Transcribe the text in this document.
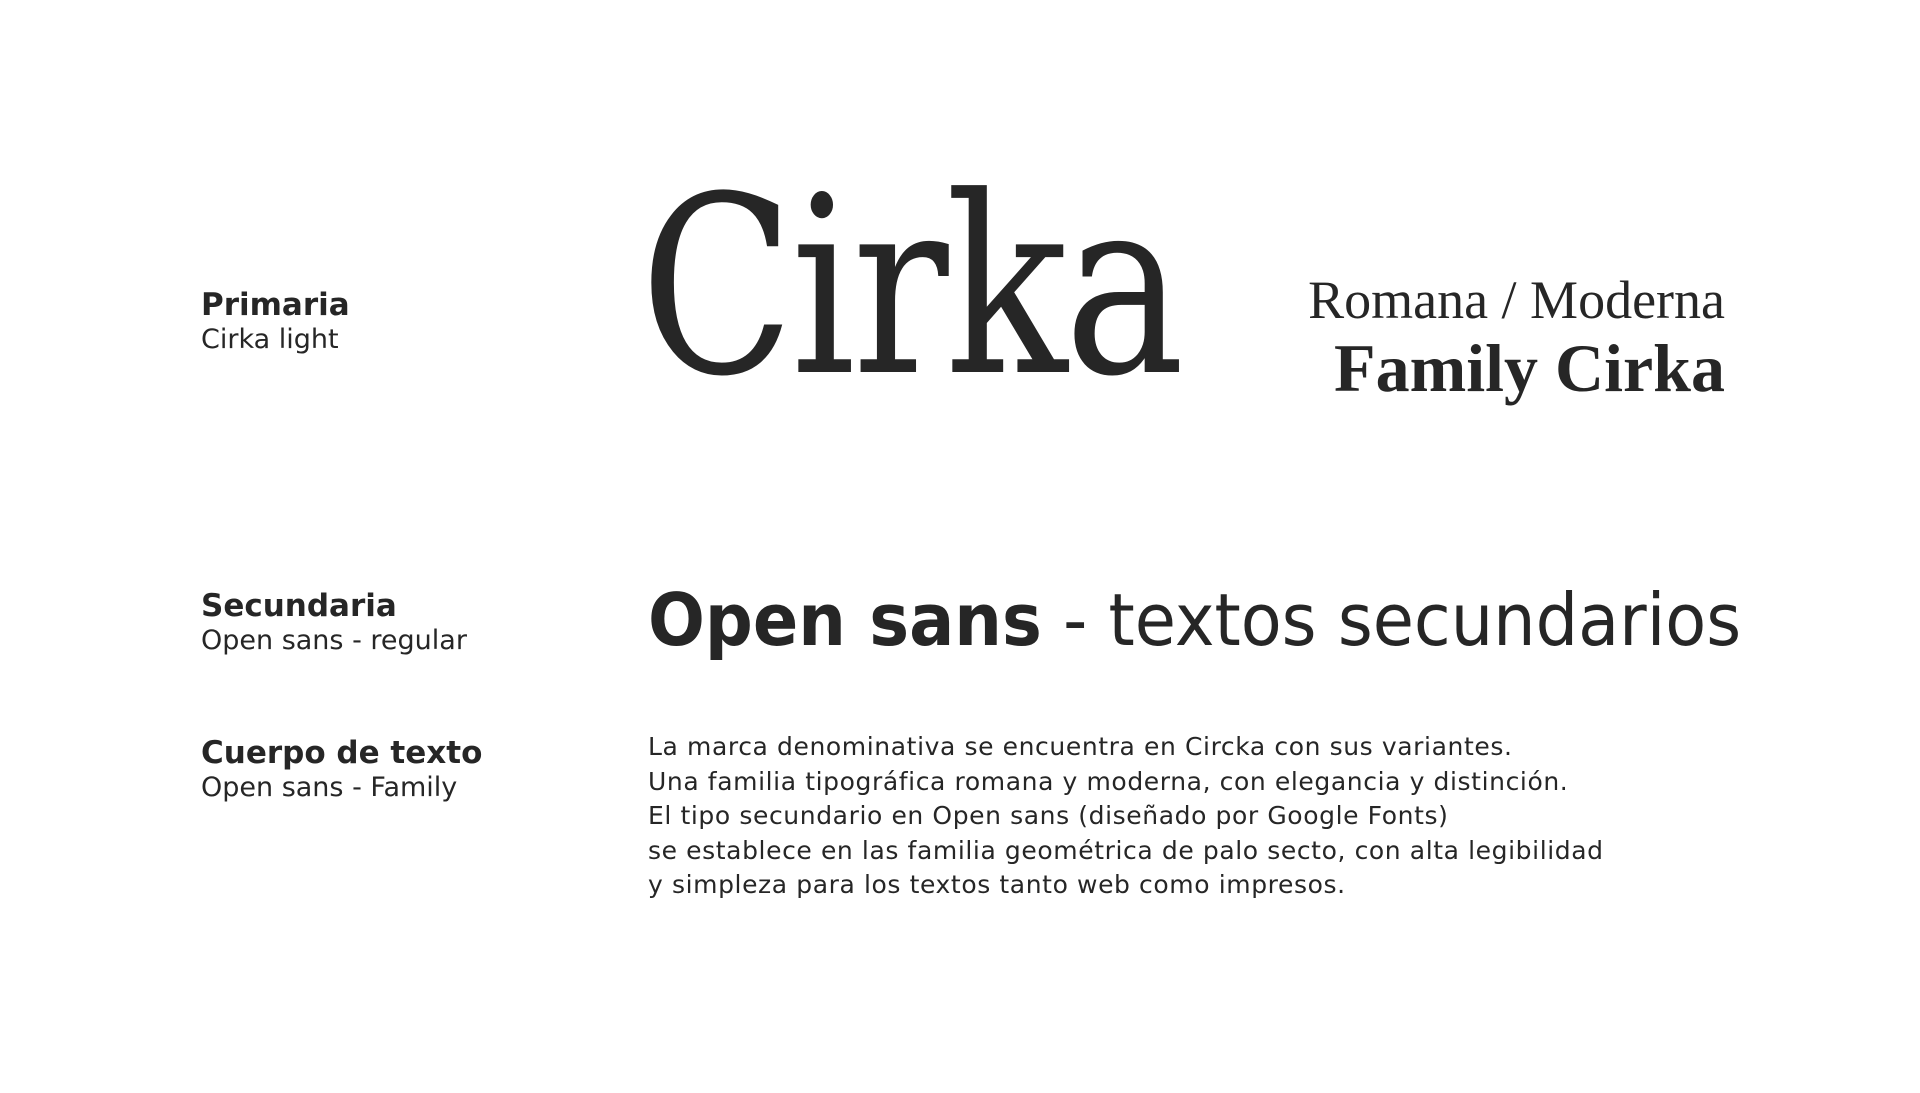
Primaria
Cirka light
Secundaria
Open sans - regular
Cuerpo de texto
Open sans - Family
Cirka Romana / Moderna
Family Cirka
Open sans - textos secundarios
La marca denominativa se encuentra en Circka con sus variantes.
Una familia tipográfica romana y moderna, con elegancia y distinción.
El tipo secundario en Open sans (diseñado por Google Fonts)
se establece en las familia geométrica de palo secto, con alta legibilidad
y simpleza para los textos tanto web como impresos.
